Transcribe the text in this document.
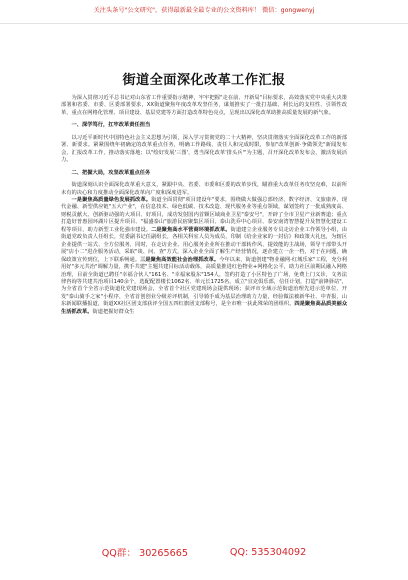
关注头条号"公文研究"，获得最新最全最专业的公文资料库！ 微信：gongwenyj
街道全面深化改革工作汇报

为深入贯彻习近平总书记对山东省工作重要指示精神，牢牢把握"走在前、开新局"目标要求，高效落实党中央重大决策部署和省委、市委、区委部署要求，XX街道聚焦年度改革攻坚任务，谋划推实了一批打基础、利长远的支柱性、引领性改革，重点在网格化管理、项目建设、基层党建等方面打造改革特色亮点，呈现出以深化改革助推高质量发展的新气象。

一、深学笃行，扛牢改革责任担当

以习近平新时代中国特色社会主义思想为引领，深入学习贯彻党的二十大精神，坚决贯彻落实全面深化改革工作的新部署、新要求。紧紧围绕年初确定的改革重点任务，明确工作路线、责任人和完成时限，参加"改革创新·争做领先"新闻发布会，汇报改革工作，推动落实落地；以"绘好发展'三图'，勇当深化改革'排头兵'"为主题，召开深化改革发布会，激活发展活力。

二、把握大局，攻坚改革重点任务

街道深刻认识全面深化改革重大意义，紧跟中央、省委、市委和区委的改革步伐，瞄准重大改革任务攻坚克难，以前所未有的决心和力度推动全面深化改革向广度和深度进军。

一是聚焦高质量绿色发展抓改革。街道全面贯彻"项目建设年"要求，围绕做大做强总部经济、数字经济、文旅康养、现代金融、新型供应链"五大产业"，在信息技术、绿色低碳、技术改造、现代服务业等重点领域，谋划签约了一批成熟度高、财税贡献大、创新驱动强的大项目、好项目，成功发射国内首颗区域商业卫星"泰安号"，开辟了全市卫星产业新赛道；重点打造好普惠园环湖片区提升项目、"福盛泰山"旅游民宿聚集区项目、泰山洗乔中心项目、泰安南湾智慧提升及智慧化建设工程等项目，助力新型工业化强市建设。二是聚焦高水平营商环境抓改革。街道建立企业服务专员走访企业工作领导小组，由街道党政负责人任组长，党委副书记任副组长，各相关科室人员为成员，印制《给企业家的一封信》和政策大礼包，为辖区企业提供一站式、全方位服务，同时，在走访企业、用心服务企业所在推动干部转作风、提效能的主战场，领导干部带头开展"店小二"进企服务活动，采取"谈、问、查"方式，深入企业全面了解生产经营情况，逐企建立一企一档，对于在问题，确保政策宣传到位，上下联系畅通。三是聚焦高效能社会治理抓改革。今年以来，街道创建"物业融网·红城乐家"工程，充分利用好"多元共治"调解力量，携手共建"主题共建目标活动载体，高质量推进红色物业+网格化公平，助力社区前期民融入网格治理，目前全街道已聘任"幸福合伙人"161名、"幸福家股东"154人，签约打造了小区特色了广场，免费上门义诊，文务法律咨询等共建共治项目140余个，选配配置楼长1062名、单元长1725名，成立"宜克俱乐部，信任计划，打造"前锋驿站"，为全省首个全省示范街道化党建现场会，全省首个社区党建现场会提供现场；获评市全域示范街道治理先进示范单位、开发"泰山骑手之家"小程序，全省首创创业分级差评机制，引导骑手成为基层治理助力力量，经验做法被新华社、中青报，山东新闻联播报道，街道XX社区团支部获评全国五四红旗团支部称号，是全市唯一获此殊荣的团组织。四是聚焦高品质美丽众生活抓改革。街道把握好群众生

QQ群： 30265665	QQ: 535304092
